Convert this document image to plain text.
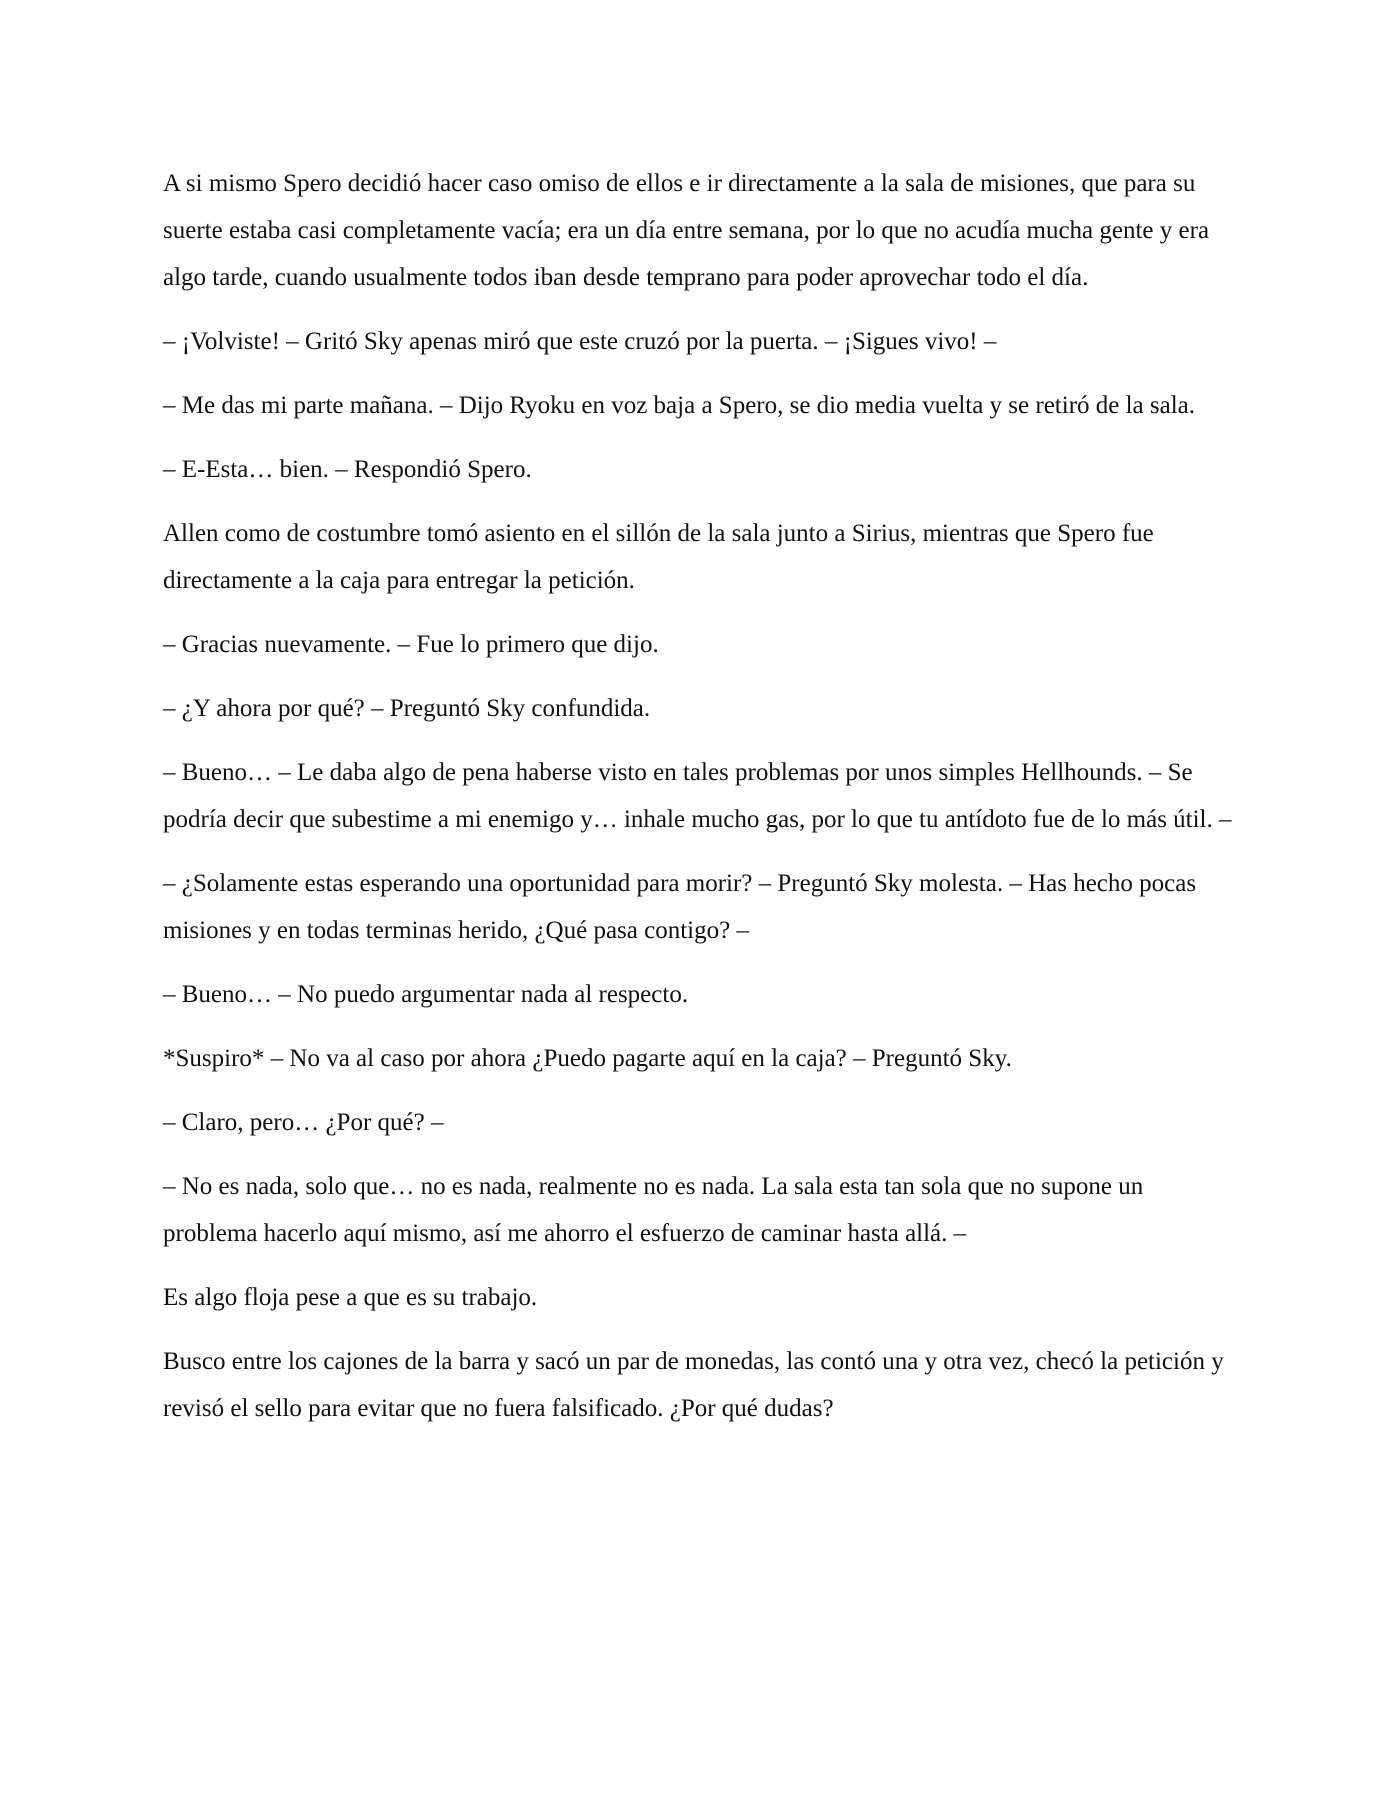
A si mismo Spero decidió hacer caso omiso de ellos e ir directamente a la sala de misiones, que para su suerte estaba casi completamente vacía; era un día entre semana, por lo que no acudía mucha gente y era algo tarde, cuando usualmente todos iban desde temprano para poder aprovechar todo el día.

– ¡Volviste! – Gritó Sky apenas miró que este cruzó por la puerta. – ¡Sigues vivo! –

– Me das mi parte mañana. – Dijo Ryoku en voz baja a Spero, se dio media vuelta y se retiró de la sala.

– E-Esta… bien. – Respondió Spero.

Allen como de costumbre tomó asiento en el sillón de la sala junto a Sirius, mientras que Spero fue directamente a la caja para entregar la petición.

– Gracias nuevamente. – Fue lo primero que dijo.

– ¿Y ahora por qué? – Preguntó Sky confundida.

– Bueno… – Le daba algo de pena haberse visto en tales problemas por unos simples Hellhounds. – Se podría decir que subestime a mi enemigo y… inhale mucho gas, por lo que tu antídoto fue de lo más útil. –

– ¿Solamente estas esperando una oportunidad para morir? – Preguntó Sky molesta. – Has hecho pocas misiones y en todas terminas herido, ¿Qué pasa contigo? –

– Bueno… – No puedo argumentar nada al respecto.

*Suspiro* – No va al caso por ahora ¿Puedo pagarte aquí en la caja? – Preguntó Sky.

– Claro, pero… ¿Por qué? –

– No es nada, solo que… no es nada, realmente no es nada. La sala esta tan sola que no supone un problema hacerlo aquí mismo, así me ahorro el esfuerzo de caminar hasta allá. –

Es algo floja pese a que es su trabajo.

Busco entre los cajones de la barra y sacó un par de monedas, las contó una y otra vez, checó la petición y revisó el sello para evitar que no fuera falsificado. ¿Por qué dudas?
